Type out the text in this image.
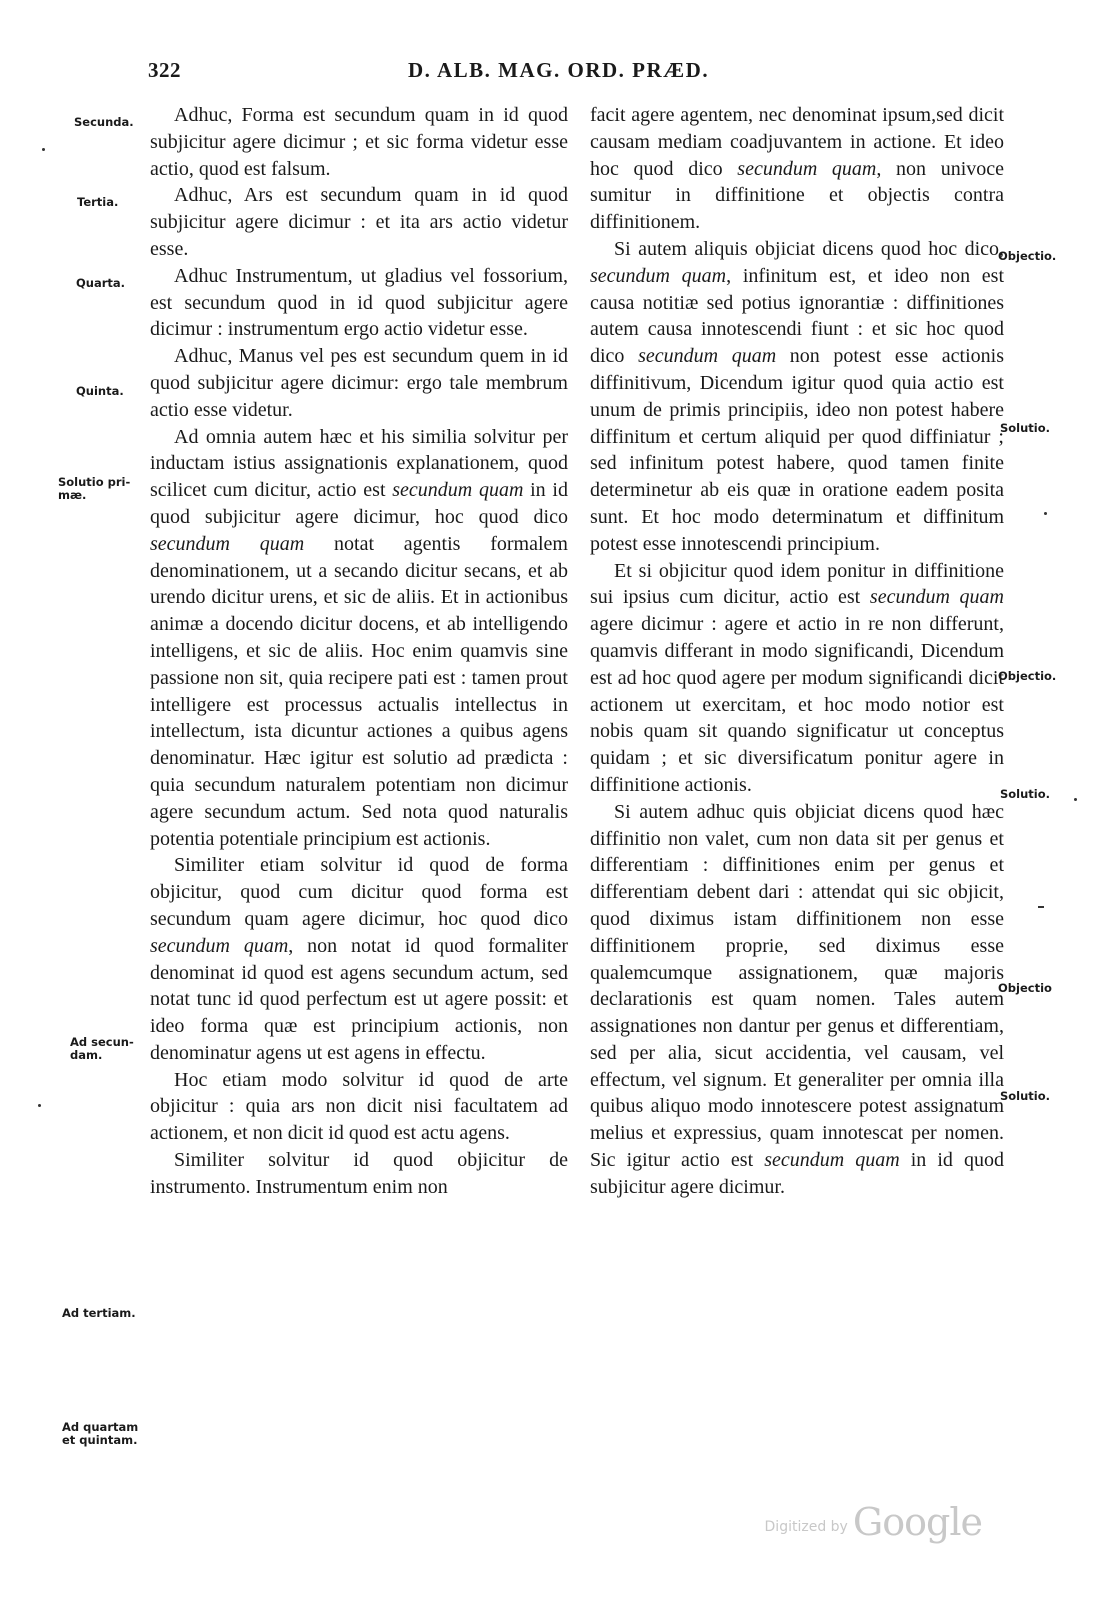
322	D. ALB. MAG. ORD. PRÆD.
Secunda.
Tertia.
Quarta.
Quinta.
Solutio pri-
mæ.
Ad secun-
dam.
Ad tertiam.
Ad quartam
et quintam.
Objectio.
Solutio.
Objectio.
Solutio.
Objectio
Solutio.

Adhuc, Forma est secundum quam in id quod subjicitur agere dicimur ; et sic forma videtur esse actio, quod est falsum.

Adhuc, Ars est secundum quam in id quod subjicitur agere dicimur : et ita ars actio videtur esse.

Adhuc Instrumentum, ut gladius vel fossorium, est secundum quod in id quod subjicitur agere dicimur : instrumentum ergo actio videtur esse.

Adhuc, Manus vel pes est secundum quem in id quod subjicitur agere dicimur: ergo tale membrum actio esse videtur.

Ad omnia autem hæc et his similia solvitur per inductam istius assignationis explanationem, quod scilicet cum dicitur, actio est secundum quam in id quod subjicitur agere dicimur, hoc quod dico secundum quam notat agentis formalem denominationem, ut a secando dicitur secans, et ab urendo dicitur urens, et sic de aliis. Et in actionibus animæ a docendo dicitur docens, et ab intelligendo intelligens, et sic de aliis. Hoc enim quamvis sine passione non sit, quia recipere pati est : tamen prout intelligere est processus actualis intellectus in intellectum, ista dicuntur actiones a quibus agens denominatur. Hæc igitur est solutio ad prædicta : quia secundum naturalem potentiam non dicimur agere secundum actum. Sed nota quod naturalis potentia potentiale principium est actionis.

Similiter etiam solvitur id quod de forma objicitur, quod cum dicitur quod forma est secundum quam agere dicimur, hoc quod dico secundum quam, non notat id quod formaliter denominat id quod est agens secundum actum, sed notat tunc id quod perfectum est ut agere possit: et ideo forma quæ est principium actionis, non denominatur agens ut est agens in effectu.

Hoc etiam modo solvitur id quod de arte objicitur : quia ars non dicit nisi facultatem ad actionem, et non dicit id quod est actu agens.

Similiter solvitur id quod objicitur de instrumento. Instrumentum enim non

facit agere agentem, nec denominat ipsum,sed dicit causam mediam coadjuvantem in actione. Et ideo hoc quod dico secundum quam, non univoce sumitur in diffinitione et objectis contra diffinitionem.

Si autem aliquis objiciat dicens quod hoc dico, secundum quam, infinitum est, et ideo non est causa notitiæ sed potius ignorantiæ : diffinitiones autem causa innotescendi fiunt : et sic hoc quod dico secundum quam non potest esse actionis diffinitivum, Dicendum igitur quod quia actio est unum de primis principiis, ideo non potest habere diffinitum et certum aliquid per quod diffiniatur ; sed infinitum potest habere, quod tamen finite determinetur ab eis quæ in oratione eadem posita sunt. Et hoc modo determinatum et diffinitum potest esse innotescendi principium.

Et si objicitur quod idem ponitur in diffinitione sui ipsius cum dicitur, actio est secundum quam agere dicimur : agere et actio in re non differunt, quamvis differant in modo significandi, Dicendum est ad hoc quod agere per modum significandi dicit actionem ut exercitam, et hoc modo notior est nobis quam sit quando significatur ut conceptus quidam ; et sic diversificatum ponitur agere in diffinitione actionis.

Si autem adhuc quis objiciat dicens quod hæc diffinitio non valet, cum non data sit per genus et differentiam : diffinitiones enim per genus et differentiam debent dari : attendat qui sic objicit, quod diximus istam diffinitionem non esse diffinitionem proprie, sed diximus esse qualemcumque assignationem, quæ majoris declarationis est quam nomen. Tales autem assignationes non dantur per genus et differentiam, sed per alia, sicut accidentia, vel causam, vel effectum, vel signum. Et generaliter per omnia illa quibus aliquo modo innotescere potest assignatum melius et expressius, quam innotescat per nomen. Sic igitur actio est secundum quam in id quod subjicitur agere dicimur.

Digitized by Google
